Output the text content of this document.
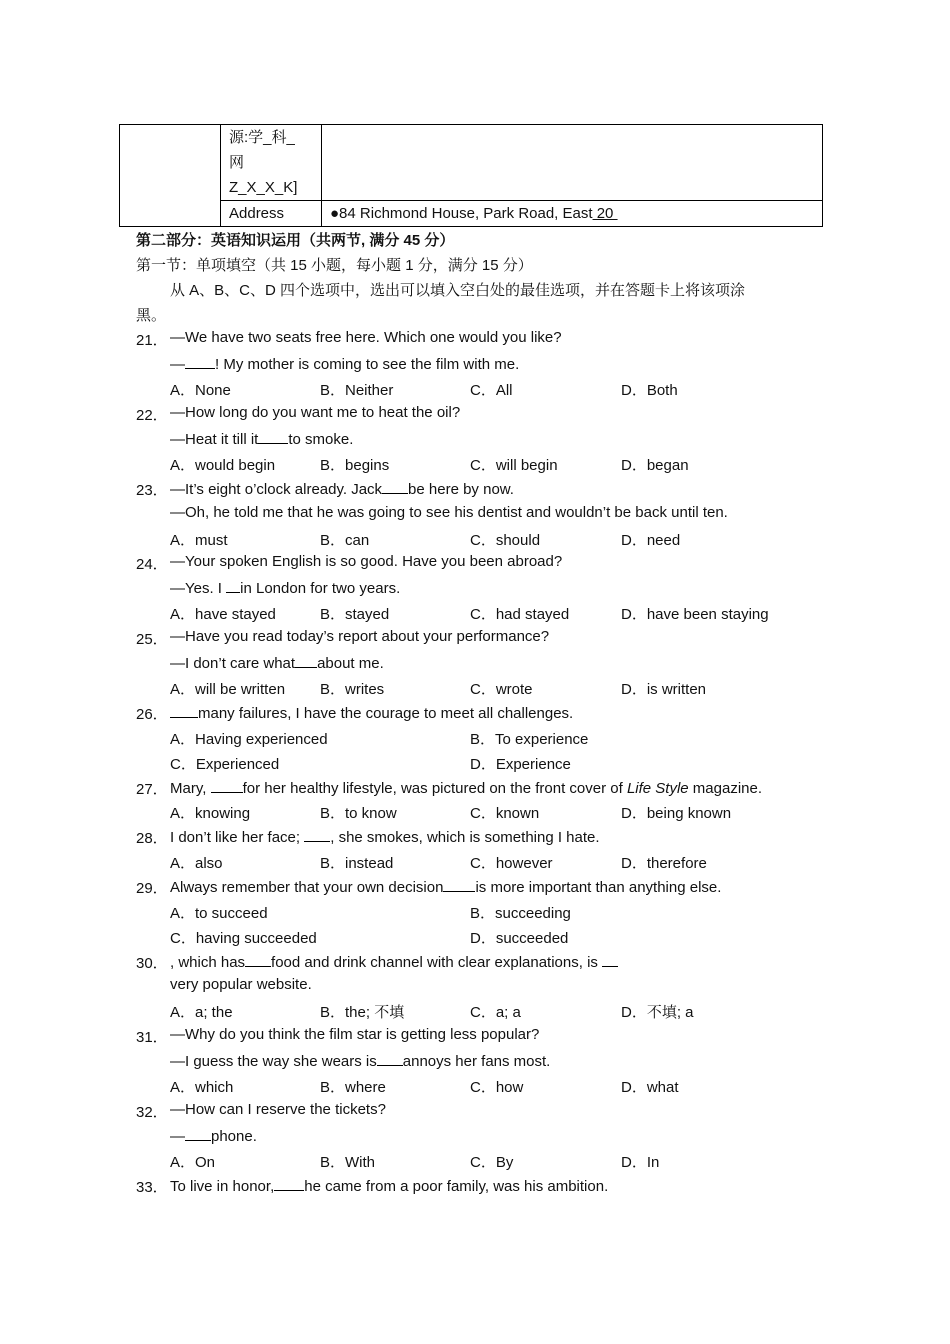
	源:学_科_
网
Z_X_X_K]	

	Address	●84 Richmond House, Park Road, East 20
第二部分：英语知识运用（共两节, 满分 45 分）
第一节：单项填空（共 15 小题，每小题 1 分，满分 15 分）
从 A、B、C、D 四个选项中，选出可以填入空白处的最佳选项，并在答题卡上将该项涂
黑。
21． —We have two seats free here. Which one would you like?
— ! My mother is coming to see the film with me.
A．None	B．Neither	C．All	D．Both
22． —How long do you want me to heat the oil?
—Heat it till it to smoke.
A．would begin	B．begins	C．will begin	D．began
23． —It’s eight o’clock already. Jack be here by now.
—Oh, he told me that he was going to see his dentist and wouldn’t be back until ten.
A．must	B．can	C．should	D．need
24． —Your spoken English is so good. Have you been abroad?
—Yes. I in London for two years.
A．have stayed	B．stayed	C．had stayed	D．have been staying
25． —Have you read today’s report about your performance?
—I don’t care what about me.
A．will be written B．writes	C．wrote	D．is written
26．	many failures, I have the courage to meet all challenges.
A．Having experienced	B．To experience
C．Experienced	D．Experience
27． Mary, for her healthy lifestyle, was pictured on the front cover of Life Style magazine.
A．knowing	B．to know	C．known	D．being known
28． I don’t like her face; , she smokes, which is something I hate.
A．also	B．instead	C．however	D．therefore
29． Always remember that your own decision is more important than anything else.
A．to succeed	B．succeeding
C．having succeeded	D．succeeded
30． , which has food and drink channel with clear explanations, is
very popular website.
A．a; the	B．the; 不填	C．a; a	D．不填; a
31． —Why do you think the film star is getting less popular?
—I guess the way she wears is annoys her fans most.
A．which	B．where	C．how	D．what
32． —How can I reserve the tickets?
— phone.
A．On	B．With	C．By	D．In
33． To live in honor, he came from a poor family, was his ambition.
